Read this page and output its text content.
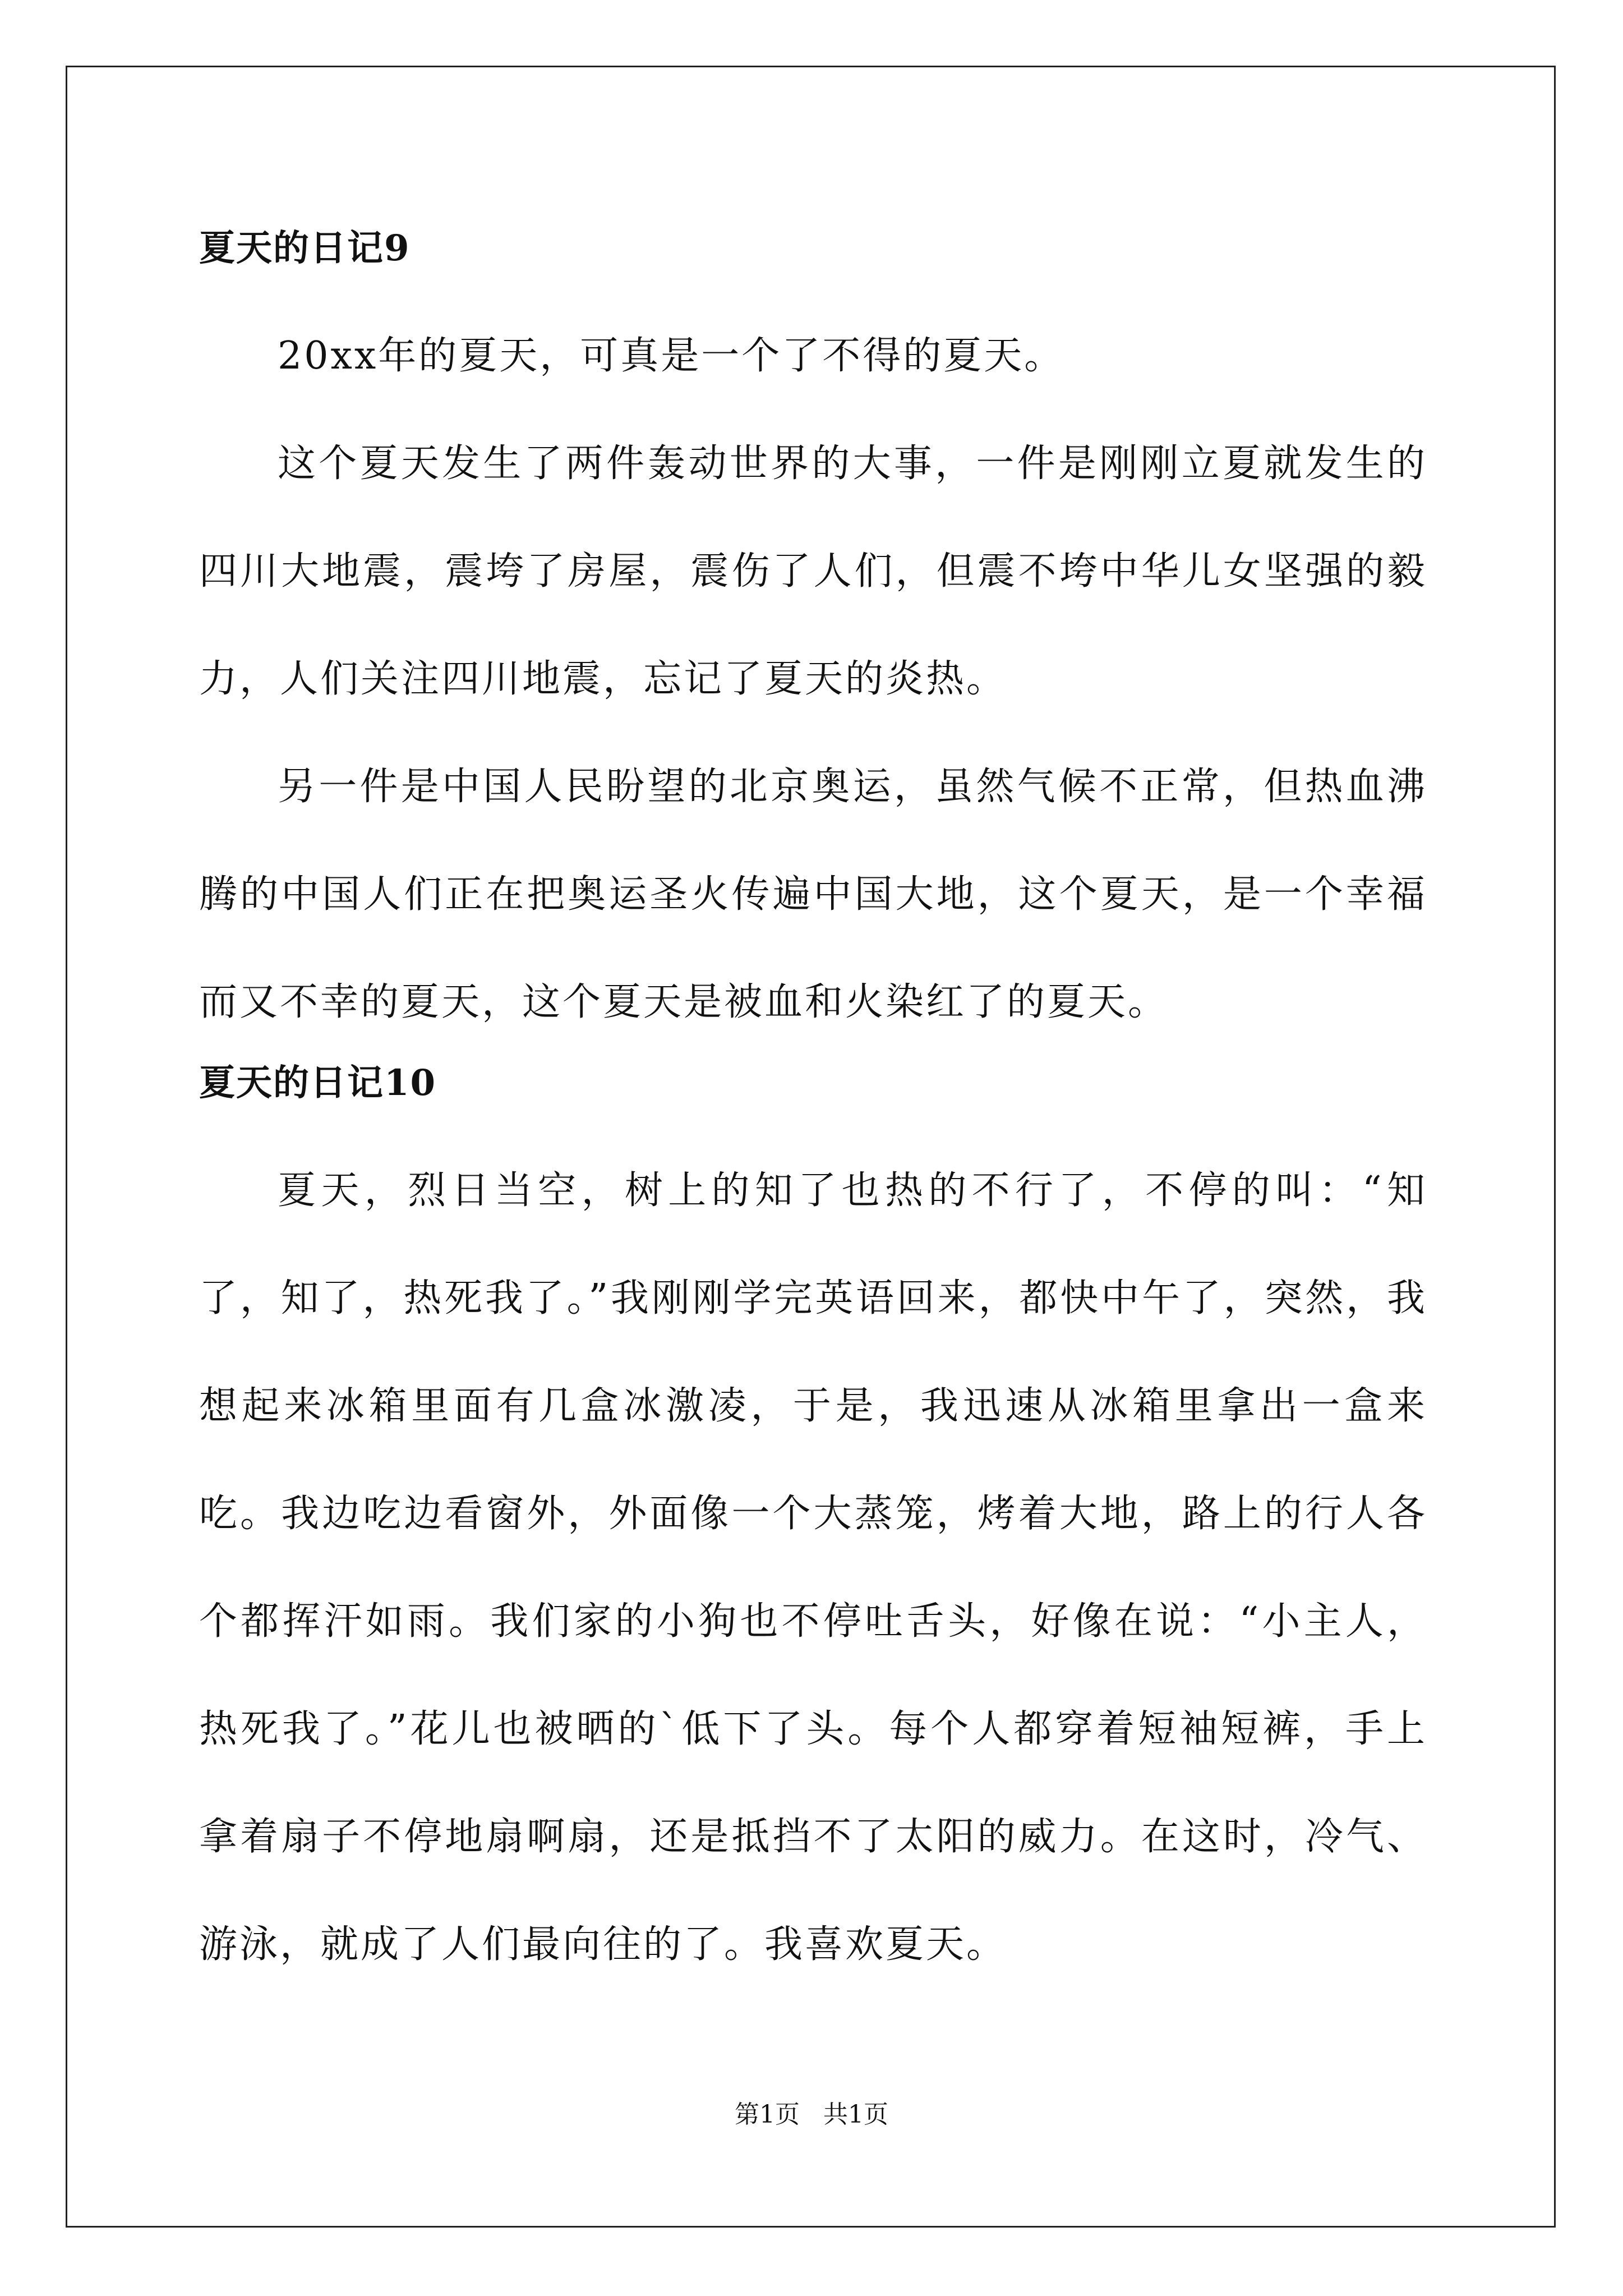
夏天的日记9

20xx年的夏天，可真是一个了不得的夏天。

这个夏天发生了两件轰动世界的大事，一件是刚刚立夏就发生的四川大地震，震垮了房屋，震伤了人们，但震不垮中华儿女坚强的毅力，人们关注四川地震，忘记了夏天的炎热。

另一件是中国人民盼望的北京奥运，虽然气候不正常，但热血沸腾的中国人们正在把奥运圣火传遍中国大地，这个夏天，是一个幸福而又不幸的夏天，这个夏天是被血和火染红了的夏天。

夏天的日记10

夏天，烈日当空，树上的知了也热的不行了，不停的叫：“知了，知了，热死我了。”我刚刚学完英语回来，都快中午了，突然，我想起来冰箱里面有几盒冰激凌，于是，我迅速从冰箱里拿出一盒来吃。我边吃边看窗外，外面像一个大蒸笼，烤着大地，路上的行人各个都挥汗如雨。我们家的小狗也不停吐舌头，好像在说：“小主人，热死我了。”花儿也被晒的`低下了头。每个人都穿着短袖短裤，手上拿着扇子不停地扇啊扇，还是抵挡不了太阳的威力。在这时，冷气、游泳，就成了人们最向往的了。我喜欢夏天。

第1页 共1页
